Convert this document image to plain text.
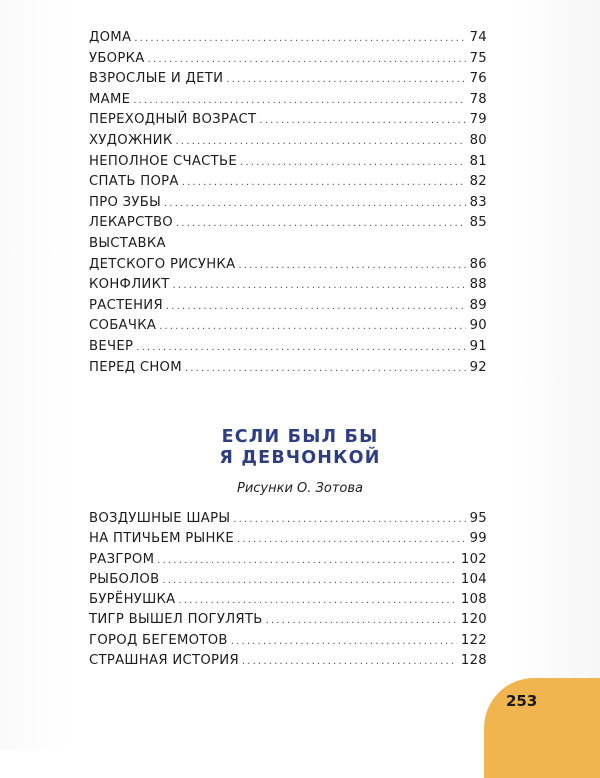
ДОМА . . .	74
УБОРКА . . .	75
ВЗРОСЛЫЕ И ДЕТИ . . .	76
МАМЕ . . .	78
ПЕРЕХОДНЫЙ ВОЗРАСТ . . .	79
ХУДОЖНИК . . .	80
НЕПОЛНОЕ СЧАСТЬЕ . . .	81
СПАТЬ ПОРА . . .	82
ПРО ЗУБЫ . . .	83
ЛЕКАРСТВО . . .	85
ВЫСТАВКА
ДЕТСКОГО РИСУНКА . . .	86
КОНФЛИКТ . . .	88
РАСТЕНИЯ . . .	89
СОБАЧКА . . .	90
ВЕЧЕР . . .	91
ПЕРЕД СНОМ . . .	92
ЕСЛИ БЫЛ БЫ
Я ДЕВЧОНКОЙ
Рисунки О. Зотова
ВОЗДУШНЫЕ ШАРЫ . . .	95
НА ПТИЧЬЕМ РЫНКЕ . . .	99
РАЗГРОМ . . .	102
РЫБОЛОВ . . .	104
БУРЁНУШКА . . .	108
ТИГР ВЫШЕЛ ПОГУЛЯТЬ . . .	120
ГОРОД БЕГЕМОТОВ . . .	122
СТРАШНАЯ ИСТОРИЯ . . .	128
253
